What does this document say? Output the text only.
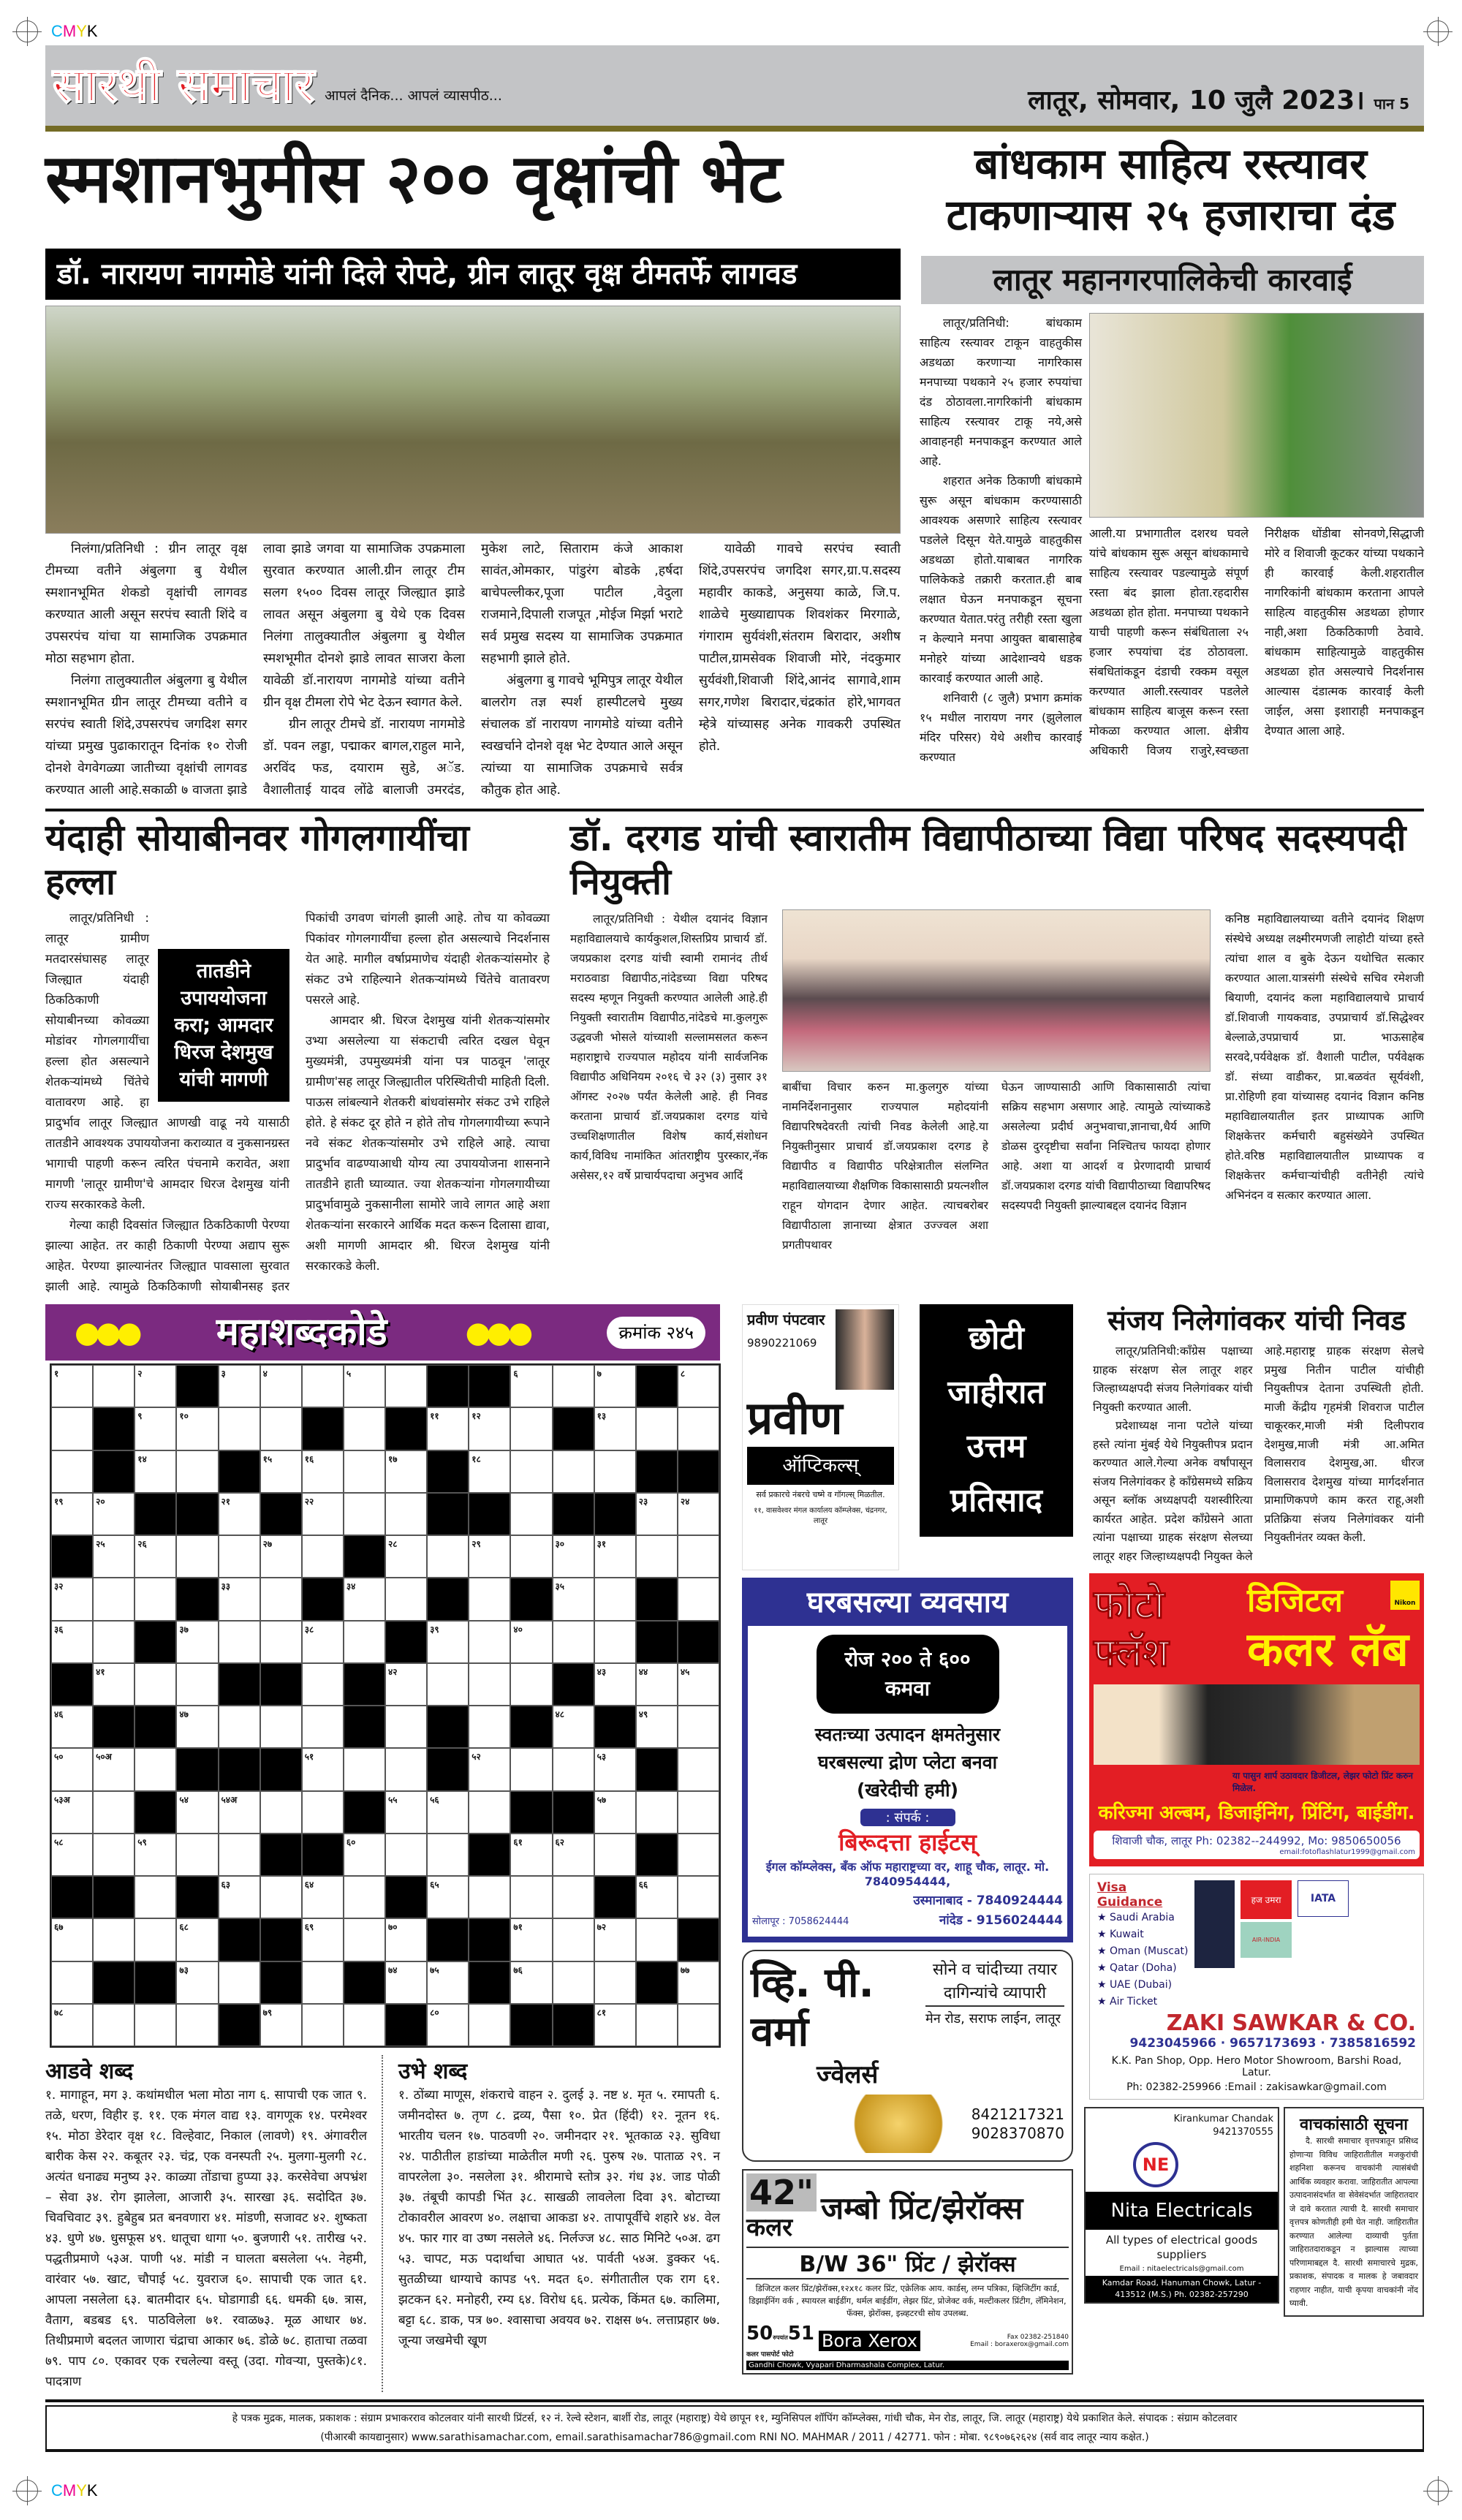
CMYK
सारथी समाचार आपलं दैनिक... आपलं व्यासपीठ...	लातूर, सोमवार, 10 जुलै 2023। पान 5
स्मशानभुमीस २०० वृक्षांची भेट
डॉ. नारायण नागमोडे यांनी दिले रोपटे, ग्रीन लातूर वृक्ष टीमतर्फे लागवड

निलंगा/प्रतिनिधी : ग्रीन लातूर वृक्ष टीमच्या वतीने अंबुलगा बु येथील स्मशानभूमित शेकडो वृक्षांची लागवड करण्यात आली असून सरपंच स्वाती शिंदे व उपसरपंच यांचा या सामाजिक उपक्रमात मोठा सहभाग होता.

निलंगा तालुक्यातील अंबुलगा बु येथील स्मशानभूमित ग्रीन लातूर टीमच्या वतीने व सरपंच स्वाती शिंदे,उपसरपंच जगदिश सगर यांच्या प्रमुख पुढाकारातून दिनांक १० रोजी दोनशे वेगवेगळ्या जातीच्या वृक्षांची लागवड करण्यात आली आहे.सकाळी ७ वाजता झाडे लावा झाडे जगवा या सामाजिक उपक्रमाला सुरवात करण्यात आली.ग्रीन लातूर टीम सलग १५०० दिवस लातूर जिल्ह्यात झाडे लावत असून अंबुलगा बु येथे एक दिवस निलंगा तालुक्यातील अंबुलगा बु येथील स्मशभूमीत दोनशे झाडे लावत साजरा केला यावेळी डॉ.नारायण नागमोडे यांच्या वतीने ग्रीन वृक्ष टीमला रोपे भेट देऊन स्वागत केले.

ग्रीन लातूर टीमचे डॉ. नारायण नागमोडे डॉ. पवन लड्डा, पद्माकर बागल,राहुल माने, अरविंद फड, दयाराम सुडे, अॅड. वैशालीताई यादव लोंढे बालाजी उमरदंड, मुकेश लाटे, सिताराम कंजे आकाश सावंत,ओमकार, पांडुरंग बोडके ,हर्षदा बाचेपल्लीकर,पूजा पाटील ,वेदुला राजमाने,दिपाली राजपूत ,मोईज मिर्झा भराटे सर्व प्रमुख सदस्य या सामाजिक उपक्रमात सहभागी झाले होते.

अंबुलगा बु गावचे भूमिपुत्र लातूर येथील बालरोग तज्ञ स्पर्श हास्पीटलचे मुख्य संचालक डॉ नारायण नागमोडे यांच्या वतीने स्वखर्चाने दोनशे वृक्ष भेट देण्यात आले असून त्यांच्या या सामाजिक उपक्रमाचे सर्वत्र कौतुक होत आहे.

यावेळी गावचे सरपंच स्वाती शिंदे,उपसरपंच जगदिश सगर,ग्रा.प.सदस्य महावीर काकडे, अनुसया काळे, जि.प. शाळेचे मुख्याद्यापक शिवशंकर मिरगाळे, गंगाराम सुर्यवंशी,संतराम बिरादार, अशीष पाटील,ग्रामसेवक शिवाजी मोरे, नंदकुमार सुर्यवंशी,शिवाजी शिंदे,आनंद सागावे,शाम सगर,गणेश बिरादार,चंद्रकांत होरे,भागवत म्हेत्रे यांच्यासह अनेक गावकरी उपस्थित होते.

बांधकाम साहित्य रस्त्यावर
टाकणाऱ्यास २५ हजाराचा दंड
लातूर महानगरपालिकेची कारवाई

लातूर/प्रतिनिधी: बांधकाम साहित्य रस्त्यावर टाकून वाहतुकीस अडथळा करणाऱ्या नागरिकास मनपाच्या पथकाने २५ हजार रुपयांचा दंड ठोठावला.नागरिकांनी बांधकाम साहित्य रस्त्यावर टाकू नये,असे आवाहनही मनपाकडून करण्यात आले आहे.

शहरात अनेक ठिकाणी बांधकामे सुरू असून बांधकाम करण्यासाठी आवश्यक असणारे साहित्य रस्त्यावर पडलेले दिसून येते.यामुळे वाहतुकीस अडथळा होतो.याबाबत नागरिक पालिकेकडे तक्रारी करतात.ही बाब लक्षात घेऊन मनपाकडून सूचना करण्यात येतात.परंतु तरीही रस्ता खुला न केल्याने मनपा आयुक्त बाबासाहेब मनोहरे यांच्या आदेशान्वये धडक कारवाई करण्यात आली आहे.

शनिवारी (८ जुलै) प्रभाग क्रमांक १५ मधील नारायण नगर (झुलेलाल मंदिर परिसर) येथे अशीच कारवाई करण्यात

आली.या प्रभागातील दशरथ घवले यांचे बांधकाम सुरू असून बांधकामाचे साहित्य रस्त्यावर पडल्यामुळे संपूर्ण रस्ता बंद झाला होता.रहदारीस अडथळा होत होता. मनपाच्या पथकाने याची पाहणी करून संबंधिताला २५ हजार रुपयांचा दंड ठोठावला. संबधितांकडून दंडाची रक्कम वसूल करण्यात आली.रस्त्यावर पडलेले बांधकाम साहित्य बाजूस करून रस्ता मोकळा करण्यात आला. क्षेत्रीय अधिकारी विजय राजुरे,स्वच्छता निरीक्षक धोंडीबा सोनवणे,सिद्धाजी मोरे व शिवाजी कूटकर यांच्या पथकाने ही कारवाई केली.शहरातील नागरिकांनी बांधकाम करताना आपले साहित्य वाहतुकीस अडथळा होणार नाही,अशा ठिकठिकाणी ठेवावे. बांधकाम साहित्यामुळे वाहतुकीस अडथळा होत असल्याचे निदर्शनास आल्यास दंडात्मक कारवाई केली जाईल, असा इशाराही मनपाकडून देण्यात आला आहे.

यंदाही सोयाबीनवर गोगलगायींचा हल्ला
तातडीने उपाययोजना करा; आमदार धिरज देशमुख यांची मागणी

लातूर/प्रतिनिधी : लातूर ग्रामीण मतदारसंघासह लातूर जिल्ह्यात यंदाही ठिकठिकाणी सोयाबीनच्या कोवळ्या मोडांवर गोगलगायींचा हल्ला होत असल्याने शेतकऱ्यांमध्ये चिंतेचे वातावरण आहे. हा प्रादुर्भाव लातूर जिल्ह्यात आणखी वाढू नये यासाठी तातडीने आवश्यक उपाययोजना कराव्यात व नुकसानग्रस्त भागाची पाहणी करून त्वरित पंचनामे करावेत, अशा मागणी 'लातूर ग्रामीण'चे आमदार धिरज देशमुख यांनी राज्य सरकारकडे केली.

गेल्या काही दिवसांत जिल्ह्यात ठिकठिकाणी पेरण्या झाल्या आहेत. तर काही ठिकाणी पेरण्या अद्याप सुरू आहेत. पेरण्या झाल्यानंतर जिल्ह्यात पावसाला सुरवात झाली आहे. त्यामुळे ठिकठिकाणी सोयाबीनसह इतर पिकांची उगवण चांगली झाली आहे. तोच या कोवळ्या पिकांवर गोगलगायींचा हल्ला होत असल्याचे निदर्शनास येत आहे. मागील वर्षाप्रमाणेच यंदाही शेतकऱ्यांसमोर हे संकट उभे राहिल्याने शेतकऱ्यांमध्ये चिंतेचे वातावरण पसरले आहे.

आमदार श्री. धिरज देशमुख यांनी शेतकऱ्यांसमोर उभ्या असलेल्या या संकटाची त्वरित दखल घेवून मुख्यमंत्री, उपमुख्यमंत्री यांना पत्र पाठवून 'लातूर ग्रामीण'सह लातूर जिल्ह्यातील परिस्थितीची माहिती दिली. पाऊस लांबल्याने शेतकरी बांधवांसमोर संकट उभे राहिले होते. हे संकट दूर होते न होते तोच गोगलगायीच्या रूपाने नवे संकट शेतकऱ्यांसमोर उभे राहिले आहे. त्याचा प्रादुर्भाव वाढण्याआधी योग्य त्या उपाययोजना शासनाने तातडीने हाती घ्याव्यात. ज्या शेतकऱ्यांना गोगलगायीच्या प्रादुर्भावामुळे नुकसानीला सामोरे जावे लागत आहे अशा शेतकऱ्यांना सरकारने आर्थिक मदत करून दिलासा द्यावा, अशी मागणी आमदार श्री. धिरज देशमुख यांनी सरकारकडे केली.

डॉ. दरगड यांची स्वारातीम विद्यापीठाच्या विद्या परिषद सदस्यपदी नियुक्ती

लातूर/प्रतिनिधी : येथील दयानंद विज्ञान महाविद्यालयाचे कार्यकुशल,शिस्तप्रिय प्राचार्य डॉ. जयप्रकाश दरगड यांची स्वामी रामानंद तीर्थ मराठवाडा विद्यापीठ,नांदेडच्या विद्या परिषद सदस्य म्हणून नियुक्ती करण्यात आलेली आहे.ही नियुक्ती स्वारातीम विद्यापीठ,नांदेडचे मा.कुलगुरू उद्धवजी भोसले यांच्याशी सल्लामसलत करून महाराष्ट्राचे राज्यपाल महोदय यांनी सार्वजनिक विद्यापीठ अधिनियम २०१६ चे ३२ (३) नुसार ३१ ऑगस्ट २०२७ पर्यंत केलेली आहे. ही निवड करताना प्राचार्य डॉ.जयप्रकाश दरगड यांचे उच्चशिक्षणातील विशेष कार्य,संशोधन कार्य,विविध नामांकित आंतराष्ट्रीय पुरस्कार,नॅक असेसर,१२ वर्षे प्राचार्यपदाचा अनुभव आदिं

बाबींचा विचार करुन मा.कुलगुरु यांच्या नामनिर्देशनानुसार राज्यपाल महोदयांनी विद्यापरिषदेवरती त्यांची निवड केलेली आहे.या नियुक्तीनुसार प्राचार्य डॉ.जयप्रकाश दरगड हे विद्यापीठ व विद्यापीठ परिक्षेत्रातील संलग्नित महाविद्यालयाच्या शैक्षणिक विकासासाठी प्रयत्नशील राहून योगदान देणार आहेत. त्याचबरोबर विद्यापीठाला ज्ञानाच्या क्षेत्रात उज्ज्वल अशा प्रगतीपथावर

घेऊन जाण्यासाठी आणि विकासासाठी त्यांचा सक्रिय सहभाग असणार आहे. त्यामुळे त्यांच्याकडे असलेल्या प्रदीर्घ अनुभवाचा,ज्ञानाचा,धैर्य आणि डोळस दुरदृष्टीचा सर्वांना निश्चितच फायदा होणार आहे. अशा या आदर्श व प्रेरणादायी प्राचार्य डॉ.जयप्रकाश दरगड यांची विद्यापीठाच्या विद्यापरिषद सदस्यपदी नियुक्ती झाल्याबद्दल दयानंद विज्ञान

कनिष्ठ महाविद्यालयाच्या वतीने दयानंद शिक्षण संस्थेचे अध्यक्ष लक्ष्मीरमणजी लाहोटी यांच्या हस्ते त्यांचा शाल व बुके देऊन यथोचित सत्कार करण्यात आला.यात्रसंगी संस्थेचे सचिव रमेशजी बियाणी, दयानंद कला महाविद्यालयाचे प्राचार्य डॉ.शिवाजी गायकवाड, उपप्राचार्य डॉ.सिद्धेश्वर बेल्लाळे,उपप्राचार्य प्रा. भाऊसाहेब सरवदे,पर्यवेक्षक डॉ. वैशाली पाटील, पर्यवेक्षक डॉ. संध्या वाडीकर, प्रा.बळवंत सूर्यवंशी, प्रा.रोहिणी हवा यांच्यासह दयानंद विज्ञान कनिष्ठ महाविद्यालयातील इतर प्राध्यापक आणि शिक्षकेत्तर कर्मचारी बहुसंख्येने उपस्थित होते.वरिष्ठ महाविद्यालयातील प्राध्यापक व शिक्षकेत्तर कर्मचाऱ्यांचीही वतीनेही त्यांचे अभिनंदन व सत्कार करण्यात आला.

●●● महाशब्दकोडे	●●●	क्रमांक २४५
१	२	३	४	५	६	७	८
९	१०	११	१२	१३
१४	१५	१६	१७	१८
१९	२०	२१	२२	२३	२४
२५	२६	२७	२८	२९	३०	३१
३२	३३	३४	३५
३६	३७	३८	३९	४०
४१	४२	४३	४४	४५
४६	४७	४८	४९
५०	५०अ	५१	५२	५३
५३अ	५४	५४अ	५५	५६	५७
५८	५९	६०	६१	६२
६३	६४	६५	६६
६७	६८	६९	७०	७१	७२
७३	७४	७५	७६	७७
७८	७९	८०	८१
आडवे शब्द
१. मागाहून, मग ३. कथांमधील भला मोठा नाग ६. सापाची एक जात ९. तळे, धरण, विहीर इ. ११. एक मंगल वाद्य १३. वागणूक १४. परमेश्वर १५. मोठा डेरेदार वृक्ष १८. विल्हेवाट, निकाल (लावणे) १९. अंगावरील बारीक केस २२. कबूतर २३. चंद्र, एक वनस्पती २५. मुलगा-मुलगी २८. अत्यंत धनाढ्य मनुष्य ३२. काळ्या तोंडाचा हुप्प्या ३३. करसेवेचा अपभ्रंश – सेवा ३४. रोग झालेला, आजारी ३५. सारखा ३६. सदोदित ३७. चिवचिवाट ३९. हुबेहुब प्रत बनवणारा ४१. मांडणी, सजावट ४२. शुष्कता ४३. धुणे ४७. धुसफूस ४९. धातूचा धागा ५०. बुजणारी ५१. तारीख ५२. पद्धतीप्रमाणे ५३अ. पाणी ५४. मांडी न घालता बसलेला ५५. नेहमी, वारंवार ५७. खाट, चौपाई ५८. युवराज ६०. सापाची एक जात ६१. आपला नसलेला ६३. बातमीदार ६५. घोडागाडी ६६. धमकी ६७. त्रास, वैताग, बडबड ६९. पाठविलेला ७१. रवाळ७३. मूळ आधार ७४. तिथीप्रमाणे बदलत जाणारा चंद्राचा आकार ७६. डोळे ७८. हाताचा तळवा ७९. पाप ८०. एकावर एक रचलेल्या वस्तू (उदा. गोवऱ्या, पुस्तके)८१. पादत्राण
उभे शब्द
१. ठोंब्या माणूस, शंकराचे वाहन २. दुलई ३. नष्ट ४. मृत ५. रमापती ६. जमीनदोस्त ७. तृण ८. द्रव्य, पैसा १०. प्रेत (हिंदी) १२. नूतन १६. भारतीय चलन १७. पाठवणी २०. जमीनदार २१. भूतकाळ २३. सुविधा २४. पाठीतील हाडांच्या माळेतील मणी २६. पुरुष २७. पाताळ २९. न वापरलेला ३०. नसलेला ३१. श्रीरामाचे स्तोत्र ३२. गंध ३४. जाड पोळी ३७. तंबूची कापडी भिंत ३८. साखळी लावलेला दिवा ३९. बोटाच्या टोकावरील आवरण ४०. लक्षाचा आकडा ४२. तापापूर्वीचे शहारे ४४. वेल ४५. फार गार वा उष्ण नसलेले ४६. निर्लज्ज ४८. साठ मिनिटे ५०अ. ढग ५३. चापट, मऊ पदार्थाचा आघात ५४. पार्वती ५४अ. डुक्कर ५६. सुतळीच्या धाग्याचे कापड ५९. मदत ६०. संगीतातील एक राग ६१. झटकन ६२. मनोहरी, रम्य ६४. विरोध ६६. प्रत्येक, किंमत ६७. कालिमा, बट्टा ६८. डाक, पत्र ७०. श्वासाचा अवयव ७२. राक्षस ७५. लत्ताप्रहार ७७. जून्या जखमेची खूण
प्रवीण पंपटवार
9890221069
प्रवीण
ऑप्टिकल्स्
सर्व प्रकारचे नंबरचे चष्मे व गॉगल्स् मिळतील.
११, वासवेश्वर मंगल कार्यालय कॉम्प्लेक्स, चंद्रनगर, लातूर
छोटी
जाहीरात
उत्तम
प्रतिसाद
संजय निलेगांवकर यांची निवड

लातूर/प्रतिनिधी:कॉंग्रेस पक्षाच्या ग्राहक संरक्षण सेल लातूर शहर जिल्हाध्यक्षपदी संजय निलेगांवकर यांची नियुक्ती करण्यात आली.

प्रदेशाध्यक्ष नाना पटोले यांच्या हस्ते त्यांना मुंबई येथे नियुक्तीपत्र प्रदान करण्यात आले.गेल्या अनेक वर्षांपासून संजय निलेगांवकर हे कॉंग्रेसमध्ये सक्रिय असून ब्लॉक अध्यक्षपदी यशस्वीरित्या कार्यरत आहेत. प्रदेश कॉंग्रेसने आता त्यांना पक्षाच्या ग्राहक संरक्षण सेलच्या लातूर शहर जिल्हाध्यक्षपदी नियुक्त केले आहे.महाराष्ट्र ग्राहक संरक्षण सेलचे प्रमुख नितीन पाटील यांचीही नियुक्तीपत्र देताना उपस्थिती होती. माजी केंद्रीय गृहमंत्री शिवराज पाटील चाकूरकर,माजी मंत्री दिलीपराव देशमुख,माजी मंत्री आ.अमित विलासराव देशमुख,आ. धीरज विलासराव देशमुख यांच्या मार्गदर्शनात प्रामाणिकपणे काम करत राहू,अशी प्रतिक्रिया संजय निलेगांवकर यांनी नियुक्तीनंतर व्यक्त केली.

घरबसल्या व्यवसाय
रोज २०० ते ६०० कमवा
स्वतःच्या उत्पादन क्षमतेनुसार
घरबसल्या द्रोण प्लेटा बनवा
(खरेदीची हमी)
: संपर्क :
बिरूदत्ता हाईटस्
ईगल कॉम्प्लेक्स, बँक ऑफ महाराष्ट्रच्या वर, शाहू चौक, लातूर. मो. 7840954444,
उस्मानाबाद - 7840924444
सोलापूर : 7058624444	नांदेड - 9156024444
फोटो फ्लॅश
Nikon
डिजिटल
कलर लॅब
या पासुन शार्प उठावदार डिजीटल, लेझर फोटो प्रिंट करुन मिळेल.
करिज्मा अल्बम, डिजाईनिंग, प्रिंटिंग, बाईडींग.
शिवाजी चौक, लातूर Ph: 02382--244992, Mo: 9850650056
email:fotoflashlatur1999@gmail.com
Visa Guidance
★ Saudi Arabia
★ Kuwait
★ Oman (Muscat)
★ Qatar (Doha)
★ UAE (Dubai)
★ Air Ticket
हज उमरा
AIR-INDIA
IATA
ZAKI SAWKAR & CO.
9423045966 · 9657173693 · 7385816592
K.K. Pan Shop, Opp. Hero Motor Showroom, Barshi Road, Latur.
Ph: 02382-259966 :Email : zakisawkar@gmail.com
व्हि. पी. वर्मा
ज्वेलर्स
सोने व चांदीच्या तयार
दागिन्यांचे व्यापारी
मेन रोड, सराफ लाईन, लातूर
8421217321
9028370870
42"
कलर
जम्बो प्रिंट/झेरॉक्स
B/W 36" प्रिंट / झेरॉक्स
डिजिटल कलर प्रिंट/झेरॉक्स,१२x१८ कलर प्रिंट, एक्रेलिक आय. कार्डस्, लग्न पत्रिका, व्हिजिटींग कार्ड, डिझाईनिंग वर्क , स्पायरल बाईडींग, थर्मल बाईडींग, लेझर प्रिंट, प्रोजेक्ट वर्क, मल्टीकलर प्रिंटीग, लॅमिनेशन, फॅक्स, झेरॉक्स, इन्र्व्हटरची सोय उपलब्ध.
50रुपयांत51
कलर पासपोर्ट फोटो
Bora Xerox	Fax 02382-251840
Email : boraxerox@gmail.com
Gandhi Chowk, Vyapari Dharmashala Complex, Latur.
Kirankumar Chandak
9421370555
NE
Nita Electricals
All types of electrical goods suppliers
Email : nitaelectricals@gmail.com
Kamdar Road, Hanuman Chowk, Latur - 413512 (M.S.) Ph. 02382-257290
वाचकांसाठी सूचना
दै. सारथी समाचार वृत्तपत्रातून प्रसिध्द होणाऱ्या विविध जाहिरातीतील मजकुरांची शहनिशा करूनच वाचकांनी त्यासंबंधी आर्थिक व्यवहार करावा. जाहिरातीत आपल्या उत्पादनासंदर्भात वा सेवेसंदर्भात जाहिरातदार जे दावे करतात त्याची दै. सारथी समाचार वृत्तपत्र कोणतीही हमी घेत नाही. जाहिरातीत करण्यात आलेल्या दाव्याची पुर्तता जाहिरातदाराकडून न झाल्यास त्याच्या परिणामाबद्दल दै. सारथी समाचारचे मुद्रक, प्रकाशक, संपादक व मालक हे जबावदार राहणार नाहीत, याची कृपया वाचकांनी नोंद घ्यावी.
हे पत्रक मुद्रक, मालक, प्रकाशक : संग्राम प्रभाकरराव कोटलवार यांनी सारथी प्रिंटर्स, १२ नं. रेल्वे स्टेशन, बार्शी रोड, लातूर (महाराष्ट्र) येथे छापून ११, म्युनिसिपल शॉपिंग कॉम्प्लेक्स, गांधी चौक, मेन रोड, लातूर, जि. लातूर (महाराष्ट्र) येथे प्रकाशित केले. संपादक : संग्राम कोटलवार
(पीआरबी कायद्यानुसार) www.sarathisamachar.com, email.sarathisamachar786@gmail.com RNI NO. MAHMAR / 2011 / 42771. फोन : मोबा. ९८९०७६२६२४ (सर्व वाद लातूर न्याय कक्षेत.)
CMYK
